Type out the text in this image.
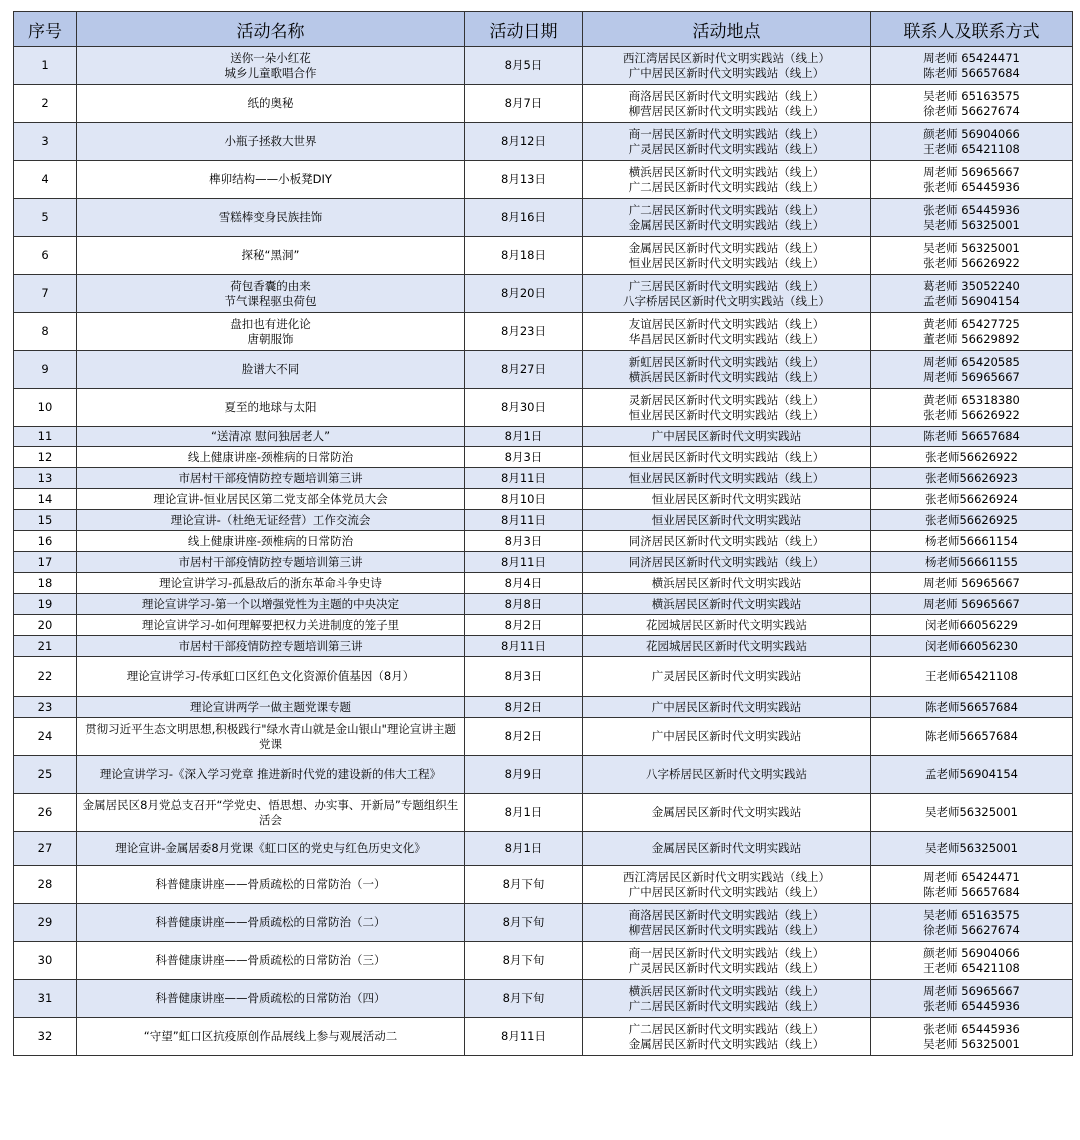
序号	活动名称	活动日期	活动地点	联系人及联系方式

1	送你一朵小红花
城乡儿童歌唱合作	8月5日	西江湾居民区新时代文明实践站（线上）
广中居民区新时代文明实践站（线上）	周老师 65424471
陈老师 56657684

2	纸的奥秘	8月7日	商洛居民区新时代文明实践站（线上）
柳营居民区新时代文明实践站（线上）	吴老师 65163575
徐老师 56627674

3	小瓶子拯救大世界	8月12日	商一居民区新时代文明实践站（线上）
广灵居民区新时代文明实践站（线上）	颜老师 56904066
王老师 65421108

4	榫卯结构——小板凳DIY	8月13日	横浜居民区新时代文明实践站（线上）
广二居民区新时代文明实践站（线上）	周老师 56965667
张老师 65445936

5	雪糕棒变身民族挂饰	8月16日	广二居民区新时代文明实践站（线上）
金属居民区新时代文明实践站（线上）	张老师 65445936
吴老师 56325001

6	探秘“黑洞”	8月18日	金属居民区新时代文明实践站（线上）
恒业居民区新时代文明实践站（线上）	吴老师 56325001
张老师 56626922

7	荷包香囊的由来
节气课程驱虫荷包	8月20日	广三居民区新时代文明实践站（线上）
八字桥居民区新时代文明实践站（线上）	葛老师 35052240
孟老师 56904154

8	盘扣也有进化论
唐朝服饰	8月23日	友谊居民区新时代文明实践站（线上）
华昌居民区新时代文明实践站（线上）	黄老师 65427725
董老师 56629892

9	脸谱大不同	8月27日	新虹居民区新时代文明实践站（线上）
横浜居民区新时代文明实践站（线上）	周老师 65420585
周老师 56965667

10	夏至的地球与太阳	8月30日	灵新居民区新时代文明实践站（线上）
恒业居民区新时代文明实践站（线上）	黄老师 65318380
张老师 56626922

11	“送清凉 慰问独居老人”	8月1日	广中居民区新时代文明实践站	陈老师 56657684

12	线上健康讲座-颈椎病的日常防治	8月3日	恒业居民区新时代文明实践站（线上）	张老师56626922

13	市居村干部疫情防控专题培训第三讲	8月11日	恒业居民区新时代文明实践站（线上）	张老师56626923

14	理论宣讲-恒业居民区第二党支部全体党员大会	8月10日	恒业居民区新时代文明实践站	张老师56626924

15	理论宣讲-（杜绝无证经营）工作交流会	8月11日	恒业居民区新时代文明实践站	张老师56626925

16	线上健康讲座-颈椎病的日常防治	8月3日	同济居民区新时代文明实践站（线上）	杨老师56661154

17	市居村干部疫情防控专题培训第三讲	8月11日	同济居民区新时代文明实践站（线上）	杨老师56661155

18	理论宣讲学习-孤悬敌后的浙东革命斗争史诗	8月4日	横浜居民区新时代文明实践站	周老师 56965667

19	理论宣讲学习-第一个以增强党性为主题的中央决定	8月8日	横浜居民区新时代文明实践站	周老师 56965667

20	理论宣讲学习-如何理解要把权力关进制度的笼子里	8月2日	花园城居民区新时代文明实践站	闵老师66056229

21	市居村干部疫情防控专题培训第三讲	8月11日	花园城居民区新时代文明实践站	闵老师66056230

22	理论宣讲学习-传承虹口区红色文化资源价值基因（8月）	8月3日	广灵居民区新时代文明实践站	王老师65421108

23	理论宣讲两学一做主题党课专题	8月2日	广中居民区新时代文明实践站	陈老师56657684

24	贯彻习近平生态文明思想,积极践行"绿水青山就是金山银山"理论宣讲主题党课	8月2日	广中居民区新时代文明实践站	陈老师56657684

25	理论宣讲学习-《深入学习党章 推进新时代党的建设新的伟大工程》	8月9日	八字桥居民区新时代文明实践站	孟老师56904154

26	金属居民区8月党总支召开“学党史、悟思想、办实事、开新局”专题组织生活会	8月1日	金属居民区新时代文明实践站	吴老师56325001

27	理论宣讲-金属居委8月党课《虹口区的党史与红色历史文化》	8月1日	金属居民区新时代文明实践站	吴老师56325001

28	科普健康讲座——骨质疏松的日常防治（一）	8月下旬	西江湾居民区新时代文明实践站（线上）
广中居民区新时代文明实践站（线上）	周老师 65424471
陈老师 56657684

29	科普健康讲座——骨质疏松的日常防治（二）	8月下旬	商洛居民区新时代文明实践站（线上）
柳营居民区新时代文明实践站（线上）	吴老师 65163575
徐老师 56627674

30	科普健康讲座——骨质疏松的日常防治（三）	8月下旬	商一居民区新时代文明实践站（线上）
广灵居民区新时代文明实践站（线上）	颜老师 56904066
王老师 65421108

31	科普健康讲座——骨质疏松的日常防治（四）	8月下旬	横浜居民区新时代文明实践站（线上）
广二居民区新时代文明实践站（线上）	周老师 56965667
张老师 65445936

32	“守望”虹口区抗疫原创作品展线上参与观展活动二	8月11日	广二居民区新时代文明实践站（线上）
金属居民区新时代文明实践站（线上）	张老师 65445936
吴老师 56325001
